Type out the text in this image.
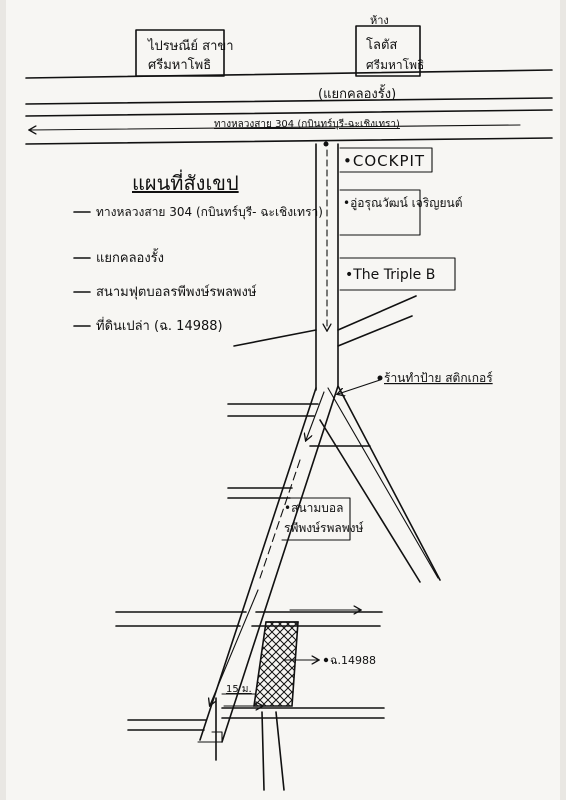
ไปรษณีย์ สาขา
ศรีมหาโพธิ
ห้าง
โลตัส
ศรีมหาโพธิ
(แยกคลองรั้ง)
ทางหลวงสาย 304 (กบินทร์บุรี-ฉะเชิงเทรา)
•COCKPIT
•อู่อรุณวัฒน์ เจริญยนต์
•The Triple B
แผนที่สังเขป
ทางหลวงสาย 304 (กบินทร์บุรี- ฉะเชิงเทรา)
แยกคลองรั้ง
สนามฟุตบอลรพีพงษ์รพลพงษ์
ที่ดินเปล่า (ฉ. 14988)
ร้านทำป้าย สติกเกอร์
•สนามบอล
รพีพงษ์รพลพงษ์
ฉ.14988
15 ม.
